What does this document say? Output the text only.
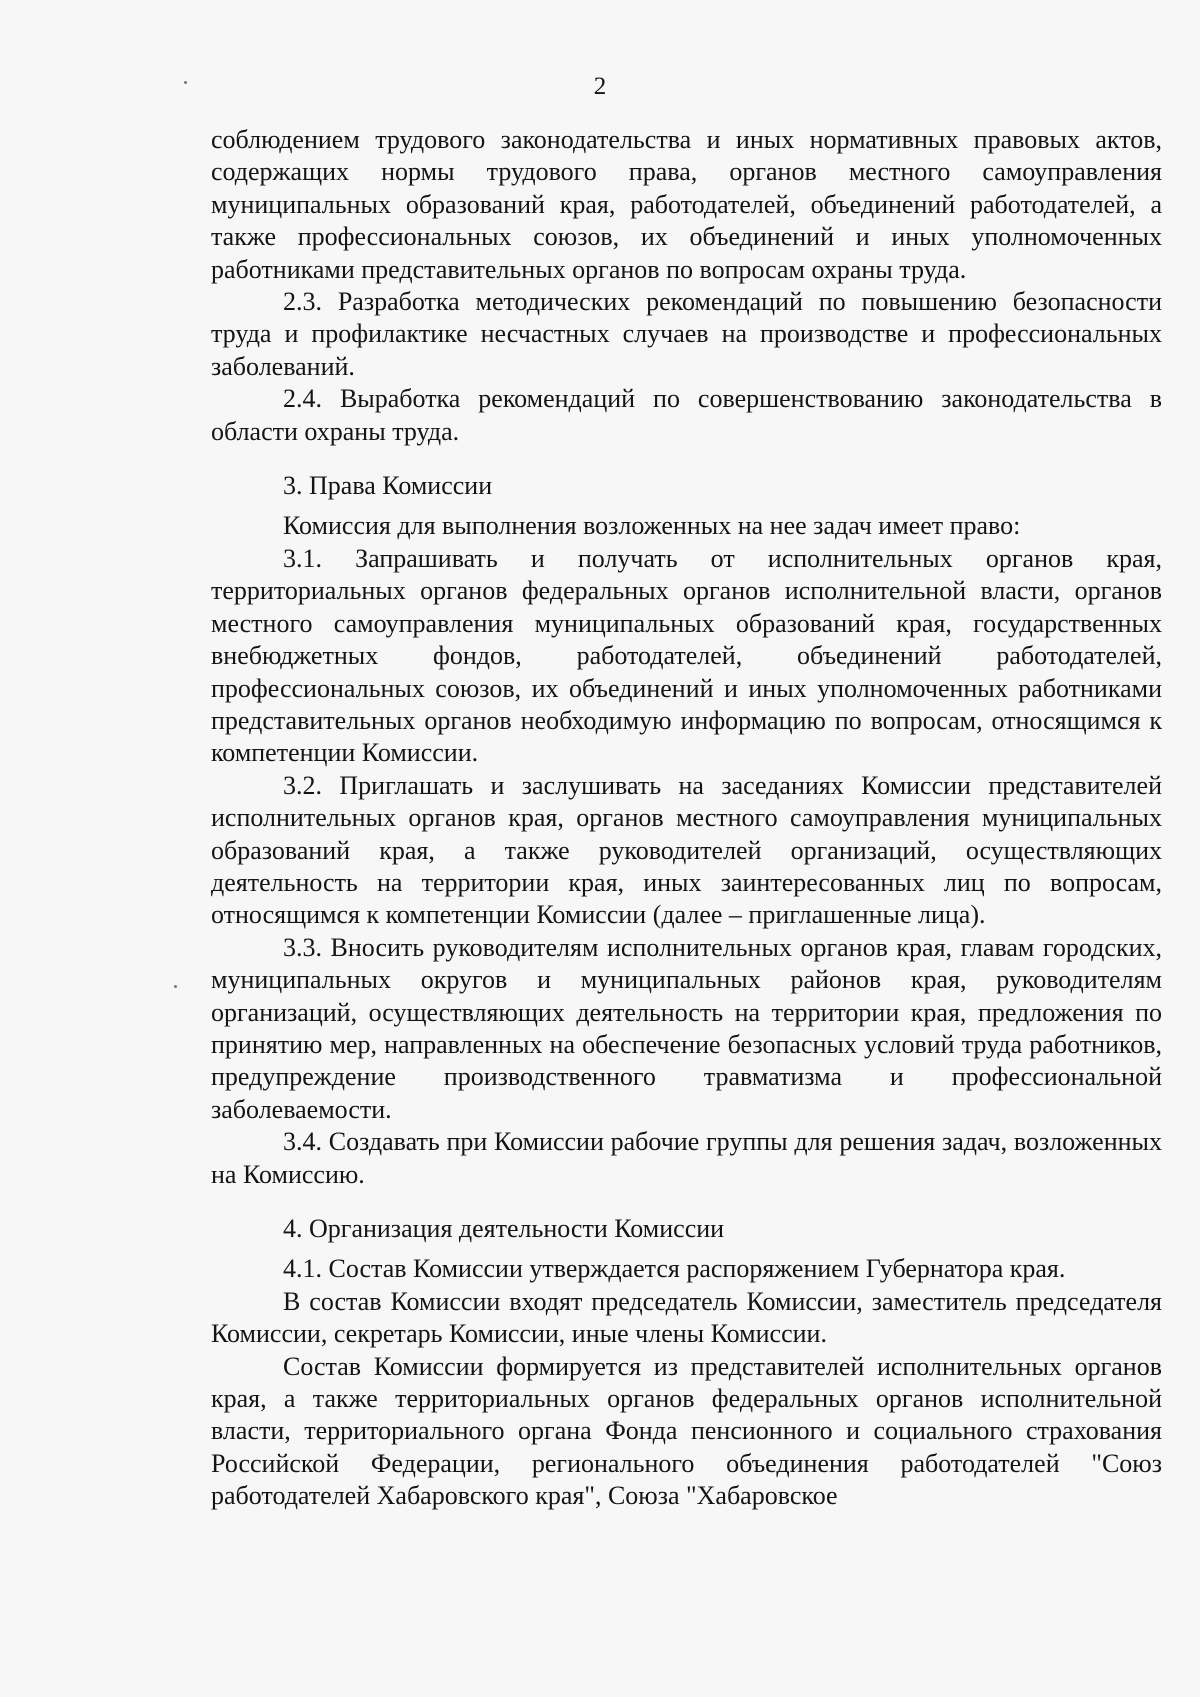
2

соблюдением трудового законодательства и иных нормативных правовых актов, содержащих нормы трудового права, органов местного самоуправления муниципальных образований края, работодателей, объединений работодателей, а также профессиональных союзов, их объединений и иных уполномоченных работниками представительных органов по вопросам охраны труда.

2.3. Разработка методических рекомендаций по повышению безопасности труда и профилактике несчастных случаев на производстве и профессиональных заболеваний.

2.4. Выработка рекомендаций по совершенствованию законодательства в области охраны труда.

3. Права Комиссии

Комиссия для выполнения возложенных на нее задач имеет право:

3.1. Запрашивать и получать от исполнительных органов края, территориальных органов федеральных органов исполнительной власти, органов местного самоуправления муниципальных образований края, государственных внебюджетных фондов, работодателей, объединений работодателей, профессиональных союзов, их объединений и иных уполномоченных работниками представительных органов необходимую информацию по вопросам, относящимся к компетенции Комиссии.

3.2. Приглашать и заслушивать на заседаниях Комиссии представителей исполнительных органов края, органов местного самоуправления муниципальных образований края, а также руководителей организаций, осуществляющих деятельность на территории края, иных заинтересованных лиц по вопросам, относящимся к компетенции Комиссии (далее – приглашенные лица).

3.3. Вносить руководителям исполнительных органов края, главам городских, муниципальных округов и муниципальных районов края, руководителям организаций, осуществляющих деятельность на территории края, предложения по принятию мер, направленных на обеспечение безопасных условий труда работников, предупреждение производственного травматизма и профессиональной заболеваемости.

3.4. Создавать при Комиссии рабочие группы для решения задач, возложенных на Комиссию.

4. Организация деятельности Комиссии

4.1. Состав Комиссии утверждается распоряжением Губернатора края.

В состав Комиссии входят председатель Комиссии, заместитель председателя Комиссии, секретарь Комиссии, иные члены Комиссии.

Состав Комиссии формируется из представителей исполнительных органов края, а также территориальных органов федеральных органов исполнительной власти, территориального органа Фонда пенсионного и социального страхования Российской Федерации, регионального объединения работодателей "Союз работодателей Хабаровского края", Союза "Хабаровское
